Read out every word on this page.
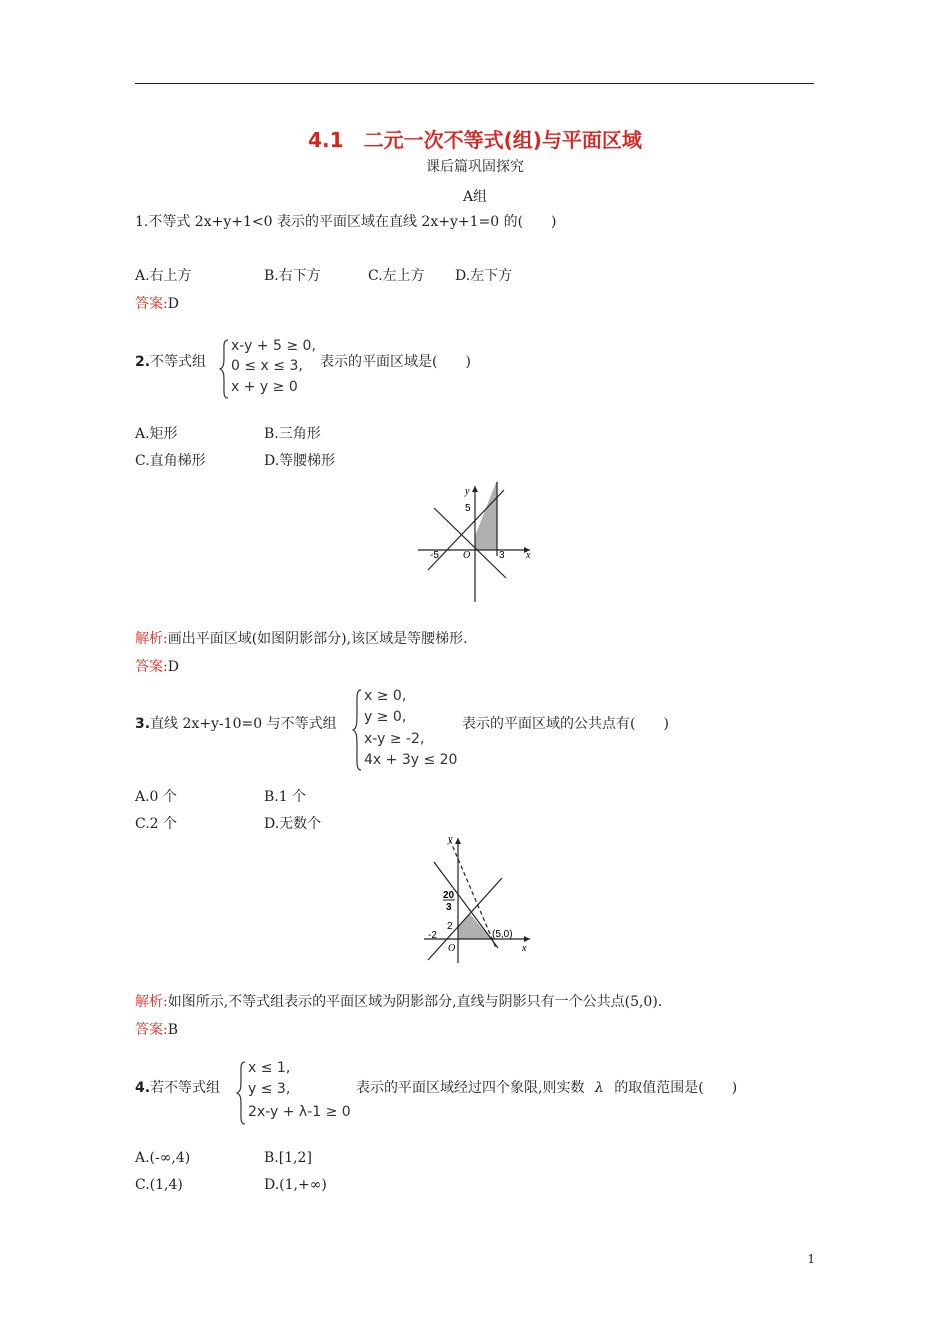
4.1　二元一次不等式(组)与平面区域
课后篇巩固探究
A组
1.不等式 2x+y+1<0 表示的平面区域在直线 2x+y+1=0 的(　　)
A.右上方	B.右下方	C.左上方 D.左下方
答案:D
2.不等式组
x-y + 5 ≥ 0,
0 ≤ x ≤ 3,
x + y ≥ 0
表示的平面区域是(　　)
A.矩形	B.三角形
C.直角梯形	D.等腰梯形
y
x
5
-5 O	3
解析:画出平面区域(如图阴影部分),该区域是等腰梯形.
答案:D
3.直线 2x+y-10=0 与不等式组
x ≥ 0,
y ≥ 0,
x-y ≥ -2,
4x + 3y ≤ 20
表示的平面区域的公共点有(　　)
A.0 个	B.1 个
C.2 个	D.无数个
y
x
20
3
2
-2
O
(5,0)
解析:如图所示,不等式组表示的平面区域为阴影部分,直线与阴影只有一个公共点(5,0).
答案:B
4.若不等式组
x ≤ 1,
y ≤ 3,
2x-y + λ-1 ≥ 0
表示的平面区域经过四个象限,则实数 λ 的取值范围是(　　)
A.(-∞,4)	B.[1,2]
C.(1,4)	D.(1,+∞)
1
